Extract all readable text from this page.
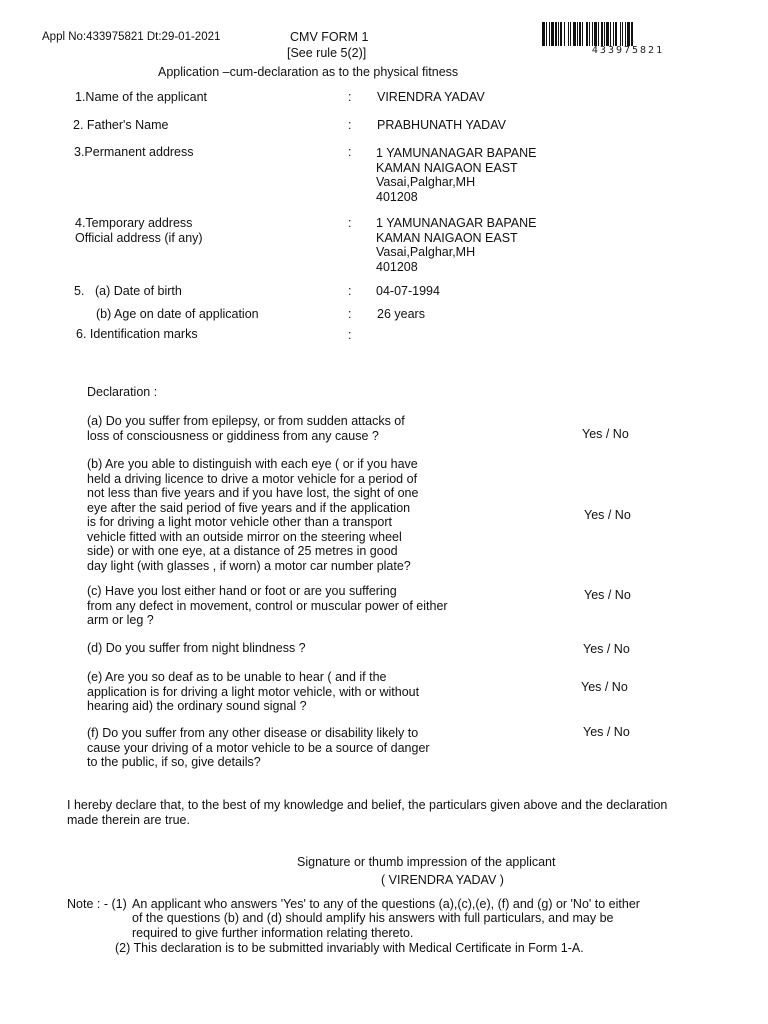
Appl No:433975821 Dt:29-01-2021	CMV FORM 1
[See rule 5(2)]
Application –cum-declaration as to the physical fitness
433975821
1.Name of the applicant	: VIRENDRA YADAV
2. Father's Name	: PRABHUNATH YADAV
3.Permanent address	: 1 YAMUNANAGAR BAPANE
KAMAN NAIGAON EAST
Vasai,Palghar,MH
401208
4.Temporary address
Official address (if any)
: 1 YAMUNANAGAR BAPANE
KAMAN NAIGAON EAST
Vasai,Palghar,MH
401208
5. (a) Date of birth	: 04-07-1994
(b) Age on date of application	: 26 years
6. Identification marks	:
Declaration :
(a) Do you suffer from epilepsy, or from sudden attacks of
loss of consciousness or giddiness from any cause ?	Yes / No
(b) Are you able to distinguish with each eye ( or if you have
held a driving licence to drive a motor vehicle for a period of
not less than five years and if you have lost, the sight of one
eye after the said period of five years and if the application
is for driving a light motor vehicle other than a transport
vehicle fitted with an outside mirror on the steering wheel
side) or with one eye, at a distance of 25 metres in good
day light (with glasses , if worn) a motor car number plate?
Yes / No
(c) Have you lost either hand or foot or are you suffering
from any defect in movement, control or muscular power of either
arm or leg ?
Yes / No
(d) Do you suffer from night blindness ?	Yes / No
(e) Are you so deaf as to be unable to hear ( and if the
application is for driving a light motor vehicle, with or without
hearing aid) the ordinary sound signal ?
Yes / No
(f) Do you suffer from any other disease or disability likely to
cause your driving of a motor vehicle to be a source of danger
to the public, if so, give details?
Yes / No
I hereby declare that, to the best of my knowledge and belief, the particulars given above and the declaration
made therein are true.
Signature or thumb impression of the applicant
( VIRENDRA YADAV )
Note : - (1) An applicant who answers 'Yes' to any of the questions (a),(c),(e), (f) and (g) or 'No' to either
of the questions (b) and (d) should amplify his answers with full particulars, and may be
required to give further information relating thereto.
(2) This declaration is to be submitted invariably with Medical Certificate in Form 1-A.
